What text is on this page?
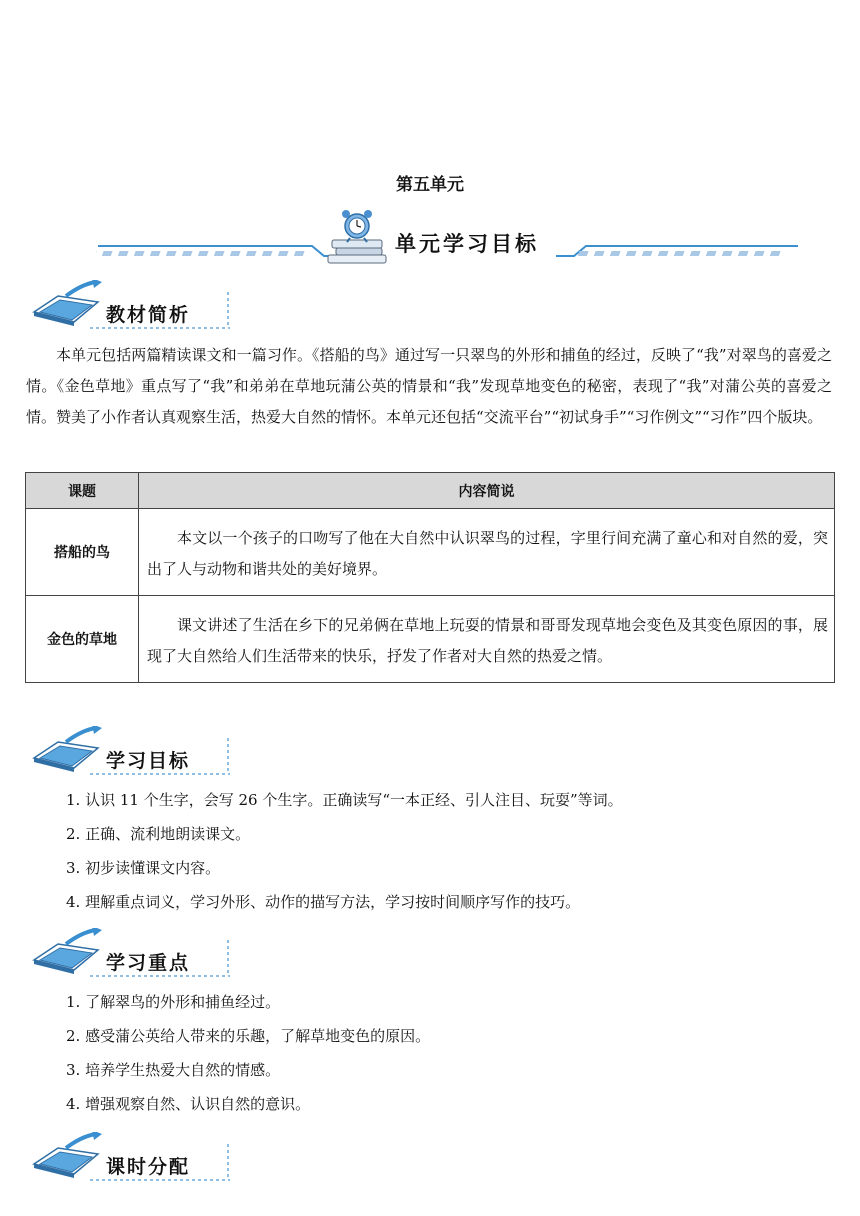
第五单元
单元学习目标
教材简析

本单元包括两篇精读课文和一篇习作。《搭船的鸟》通过写一只翠鸟的外形和捕鱼的经过，反映了“我”对翠鸟的喜爱之情。《金色草地》重点写了“我”和弟弟在草地玩蒲公英的情景和“我”发现草地变色的秘密，表现了“我”对蒲公英的喜爱之情。赞美了小作者认真观察生活，热爱大自然的情怀。本单元还包括“交流平台”“初试身手”“习作例文”“习作”四个版块。

课题	内容简说
搭船的鸟	本文以一个孩子的口吻写了他在大自然中认识翠鸟的过程，字里行间充满了童心和对自然的爱，突出了人与动物和谐共处的美好境界。
金色的草地	课文讲述了生活在乡下的兄弟俩在草地上玩耍的情景和哥哥发现草地会变色及其变色原因的事，展现了大自然给人们生活带来的快乐，抒发了作者对大自然的热爱之情。
学习目标
1. 认识 11 个生字，会写 26 个生字。正确读写“一本正经、引人注目、玩耍”等词。
2. 正确、流利地朗读课文。
3. 初步读懂课文内容。
4. 理解重点词义，学习外形、动作的描写方法，学习按时间顺序写作的技巧。
学习重点
1. 了解翠鸟的外形和捕鱼经过。
2. 感受蒲公英给人带来的乐趣，了解草地变色的原因。
3. 培养学生热爱大自然的情感。
4. 增强观察自然、认识自然的意识。
课时分配
